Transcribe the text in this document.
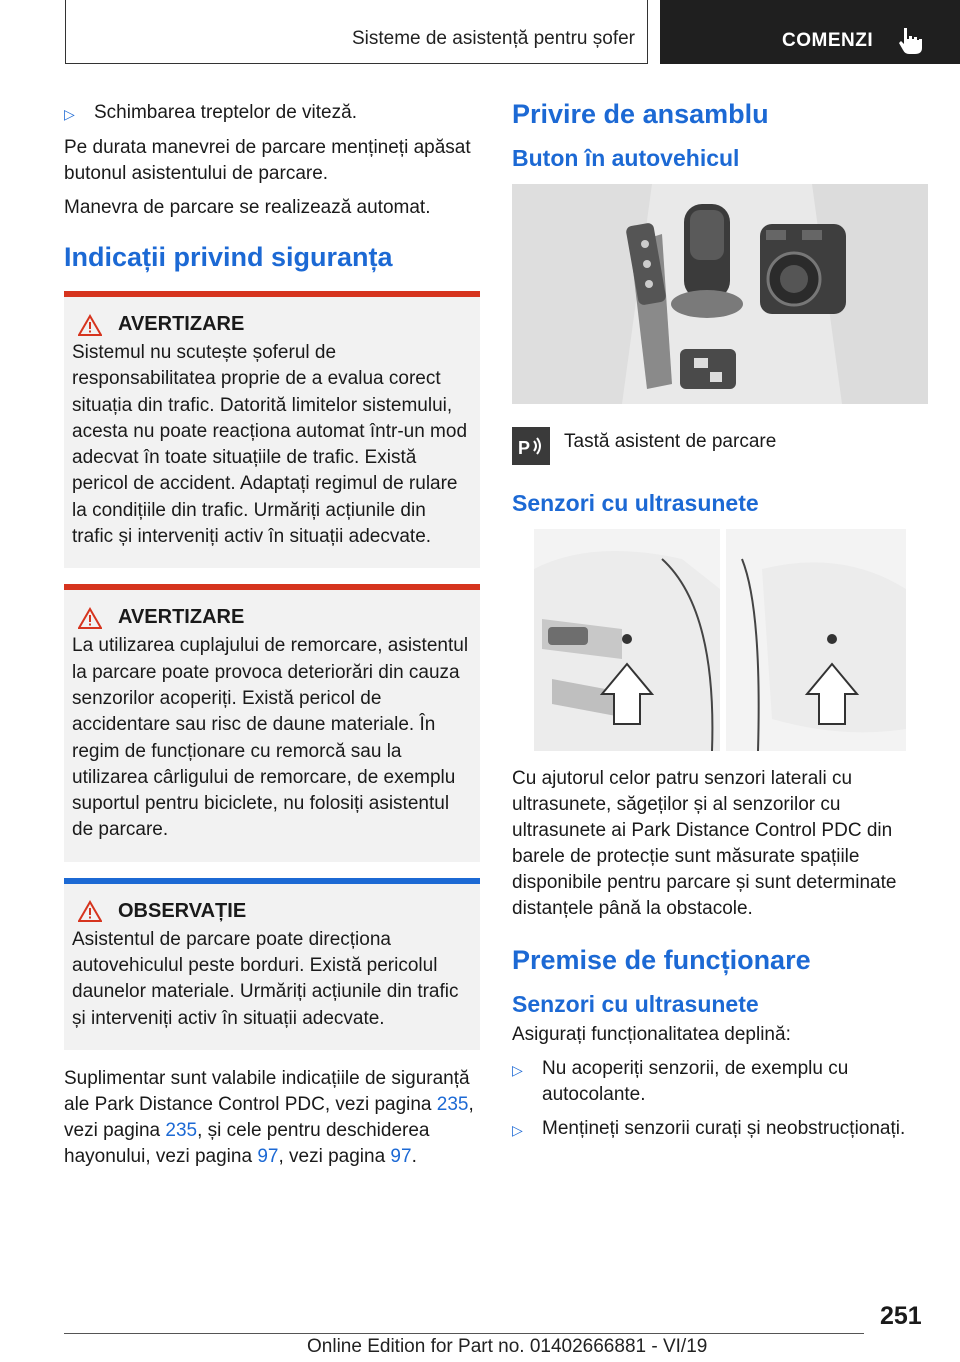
Sisteme de asistență pentru șofer	COMENZI
▷	Schimbarea treptelor de viteză.

Pe durata manevrei de parcare mențineți apăsat butonul asistentului de parcare.

Manevra de parcare se realizează automat.

Indicații privind siguranța
AVERTIZARE

Sistemul nu scutește șoferul de responsabilitatea proprie de a evalua corect situația din trafic. Datorită limitelor sistemului, acesta nu poate reacționa automat într-un mod adecvat în toate situațiile de trafic. Există pericol de accident. Adaptați regimul de rulare la condițiile din trafic. Urmăriți acțiunile din trafic și interveniți activ în situații adecvate.

AVERTIZARE

La utilizarea cuplajului de remorcare, asistentul la parcare poate provoca deteriorări din cauza senzorilor acoperiți. Există pericol de accidentare sau risc de daune materiale. În regim de funcționare cu remorcă sau la utilizarea cârligului de remorcare, de exemplu suportul pentru biciclete, nu folosiți asistentul de parcare.

OBSERVAȚIE

Asistentul de parcare poate direcționa autovehiculul peste borduri. Există pericolul daunelor materiale. Urmăriți acțiunile din trafic și interveniți activ în situații adecvate.

Suplimentar sunt valabile indicațiile de siguranță ale Park Distance Control PDC, vezi pagina 235, vezi pagina 235, și cele pentru deschiderea hayonului, vezi pagina 97, vezi pagina 97.

Privire de ansamblu
Buton în autovehicul
P Tastă asistent de parcare

Senzori cu ultrasunete

Cu ajutorul celor patru senzori laterali cu ultrasunete, săgeților și al senzorilor cu ultrasunete ai Park Distance Control PDC din barele de protecție sunt măsurate spațiile disponibile pentru parcare și sunt determinate distanțele până la obstacole.

Premise de funcționare
Senzori cu ultrasunete

Asigurați funcționalitatea deplină:

▷	Nu acoperiți senzorii, de exemplu cu autocolante.
▷	Mențineți senzorii curați și neobstrucționați.
251
Online Edition for Part no. 01402666881 - VI/19
